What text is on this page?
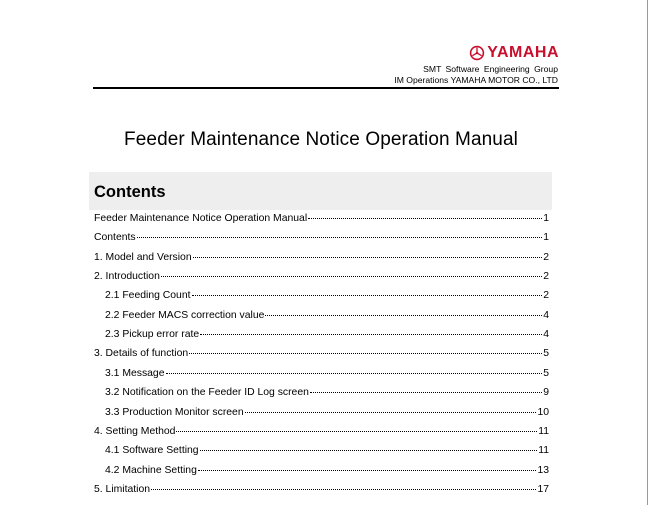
YAMAHA
SMT Software Engineering Group
IM Operations YAMAHA MOTOR CO., LTD
Feeder Maintenance Notice Operation Manual
Contents
Feeder Maintenance Notice Operation Manual	1
Contents	1
1. Model and Version	2
2. Introduction	2
2.1 Feeding Count	2
2.2 Feeder MACS correction value	4
2.3 Pickup error rate	4
3. Details of function	5
3.1 Message	5
3.2 Notification on the Feeder ID Log screen	9
3.3 Production Monitor screen	10
4. Setting Method	11
4.1 Software Setting	11
4.2 Machine Setting	13
5. Limitation	17
